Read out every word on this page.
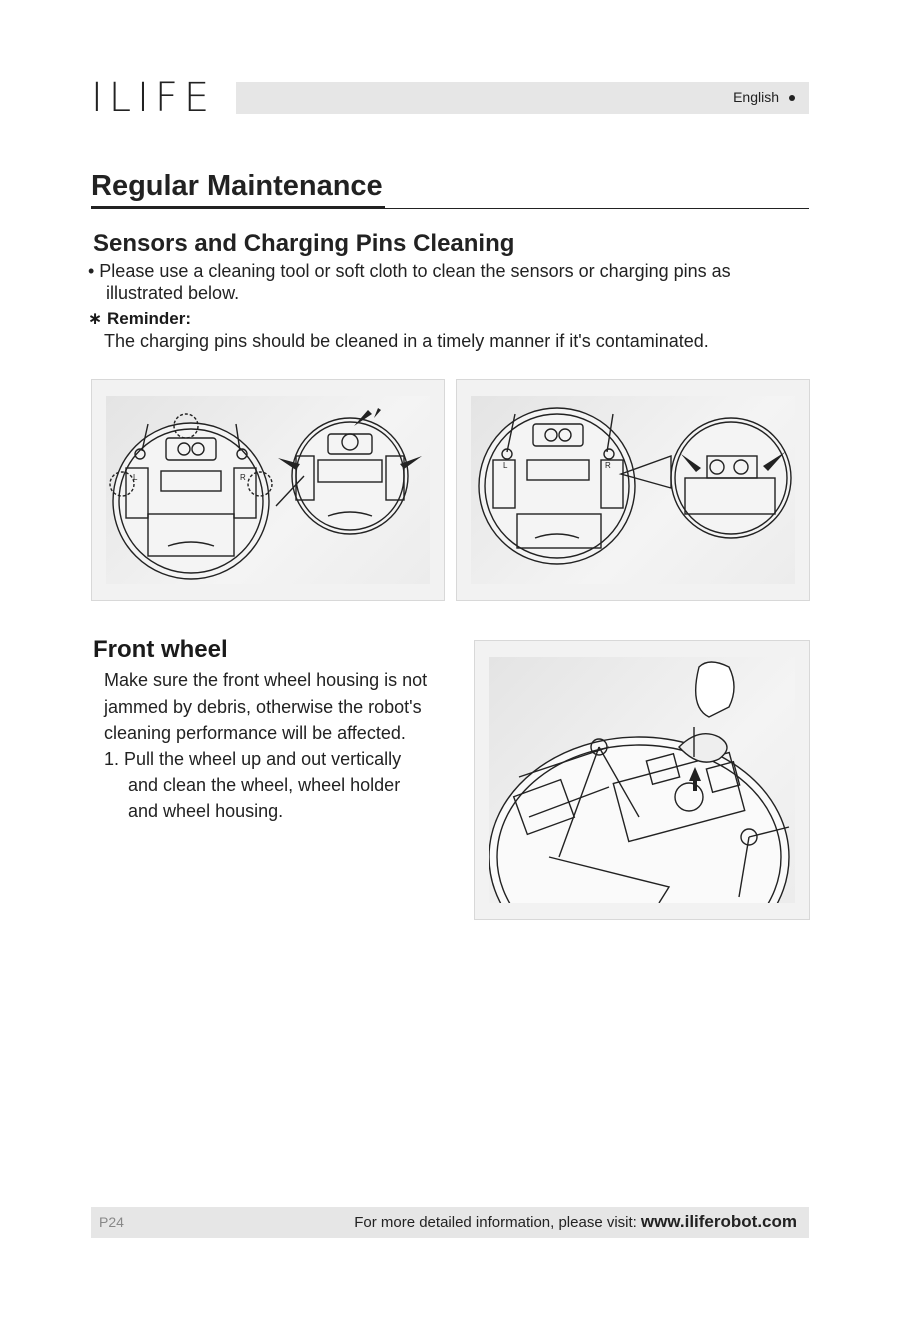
ILIFE	English
Regular Maintenance
Sensors and Charging Pins Cleaning
• Please use a cleaning tool or soft cloth to clean the sensors or charging pins as
illustrated below.
∗ Reminder:
The charging pins should be cleaned in a timely manner if it's contaminated.
L	R
L	R
Front wheel
Make sure the front wheel housing is not
jammed by debris, otherwise the robot's
cleaning performance will be affected.
1. Pull the wheel up and out vertically
and clean the wheel, wheel holder
and wheel housing.
P24	For more detailed information, please visit: www.iliferobot.com
